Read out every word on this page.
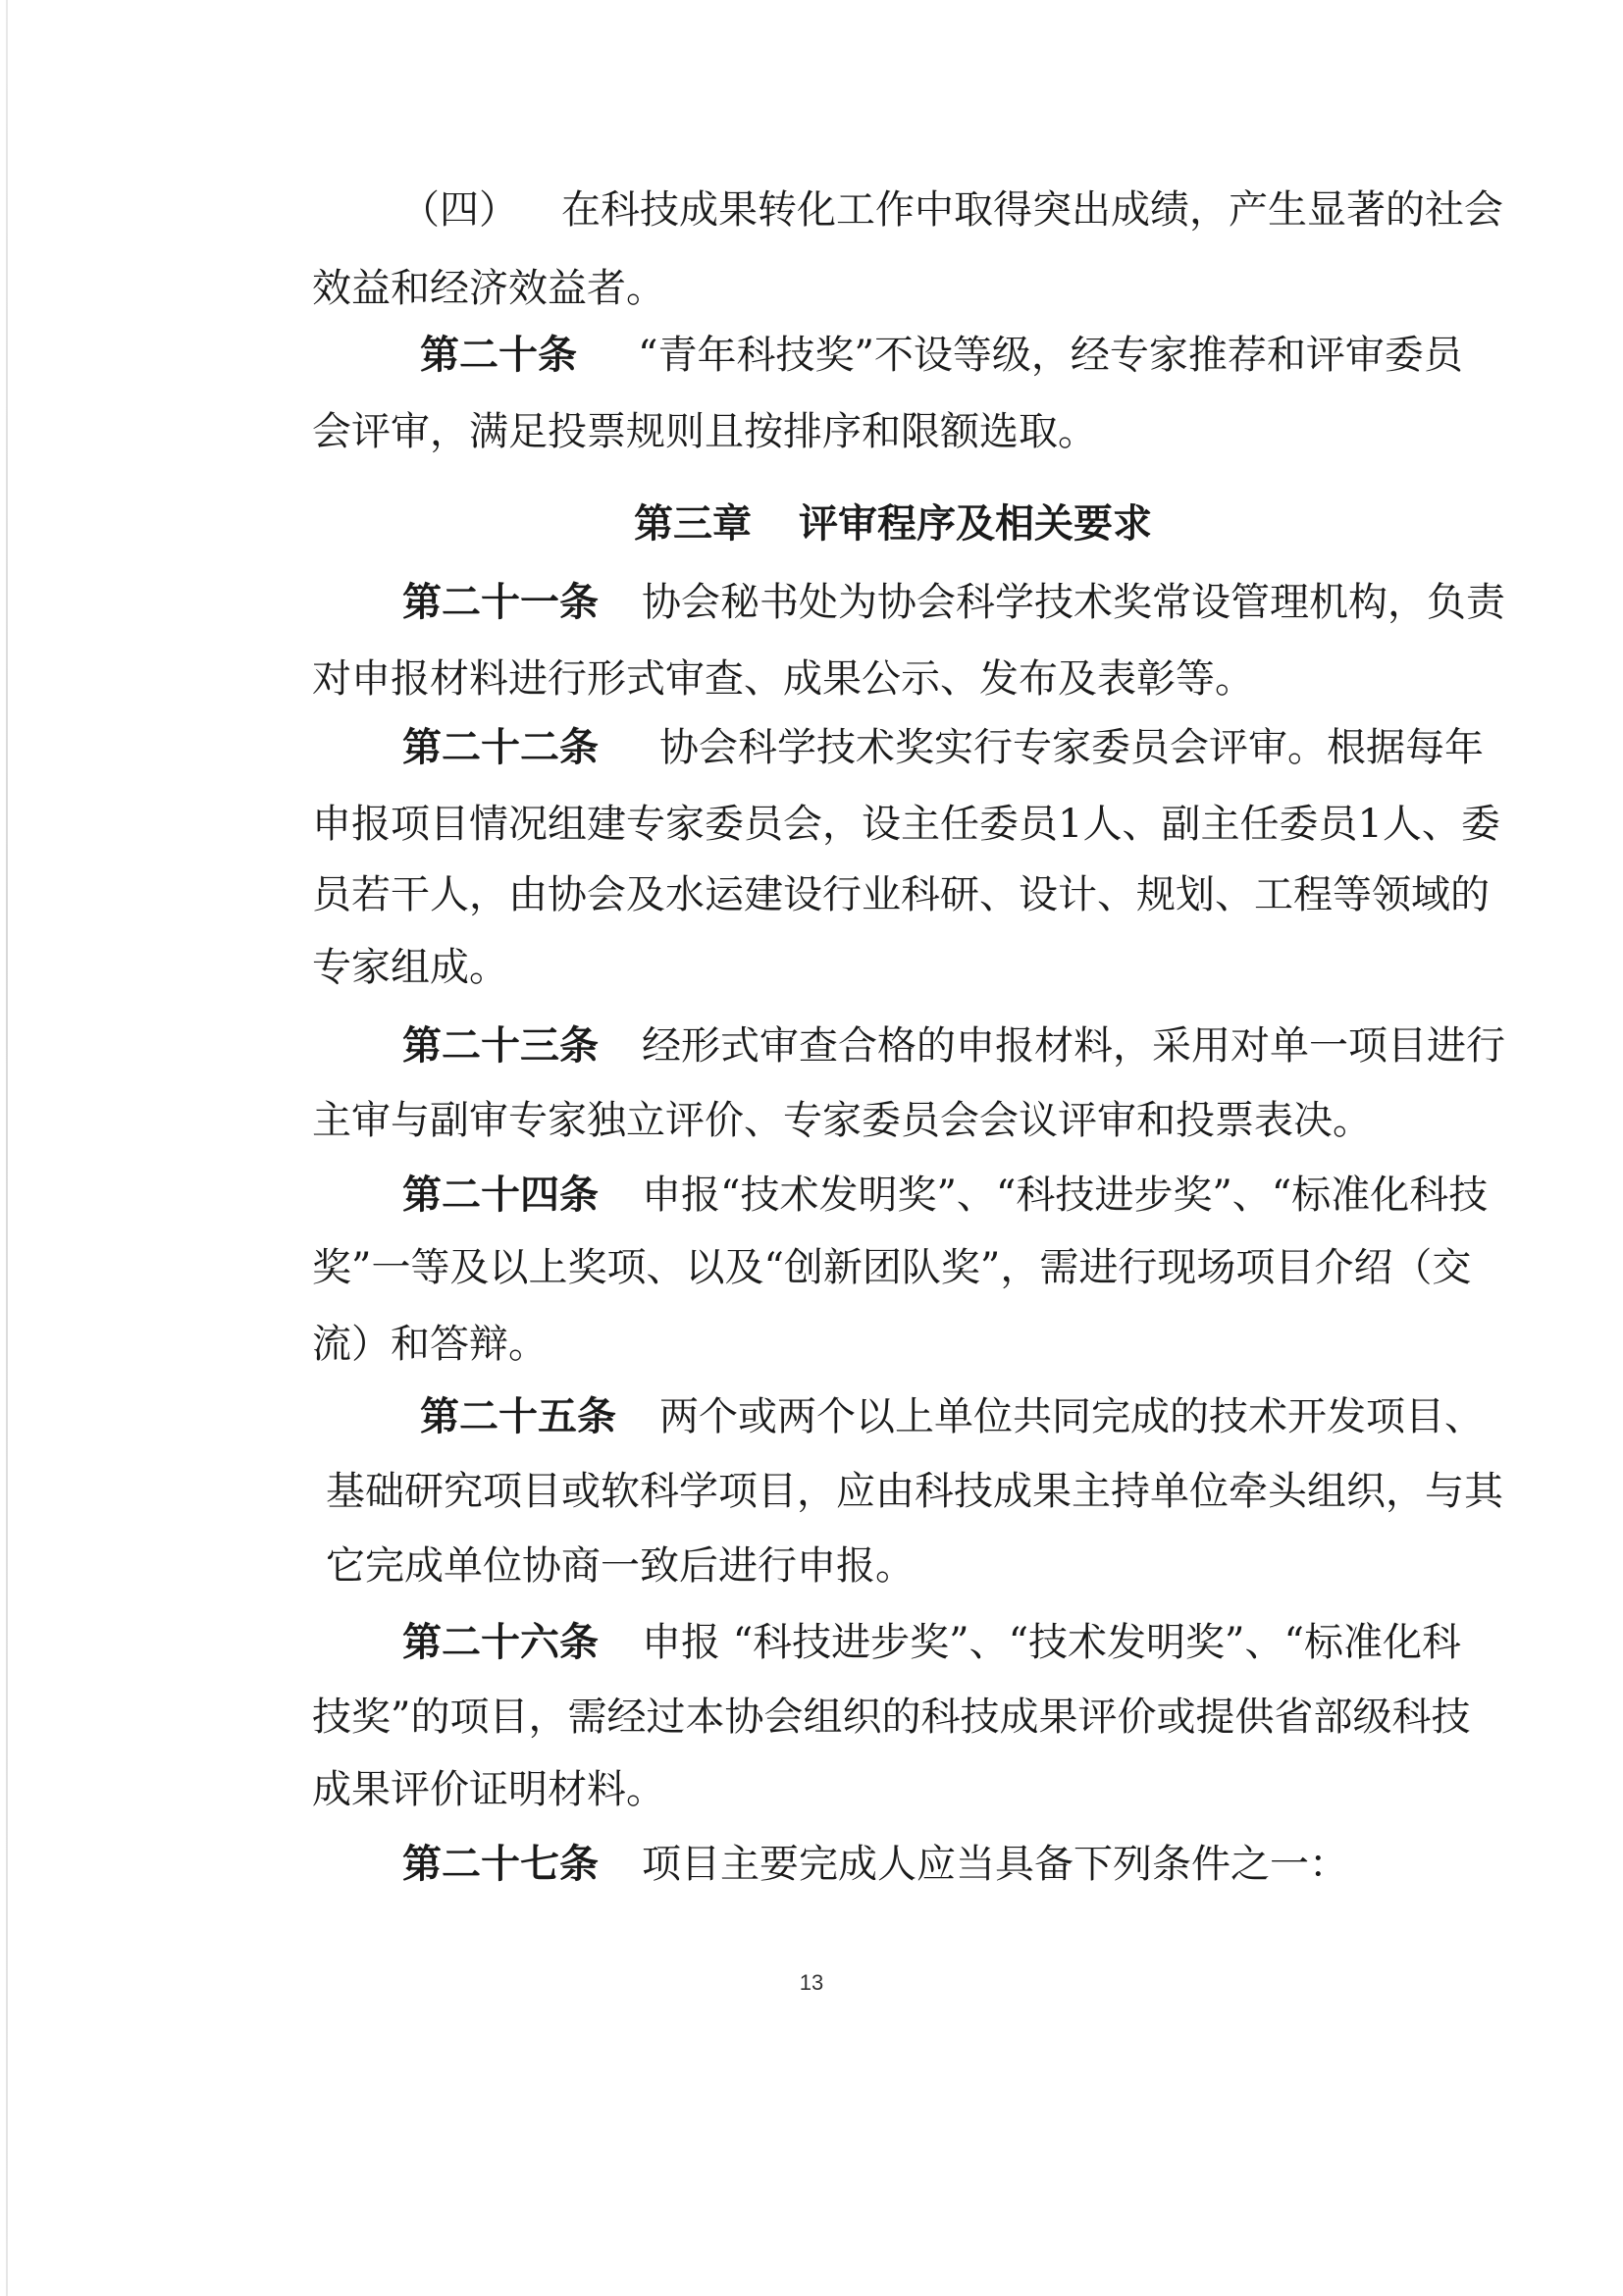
（四） 在科技成果转化工作中取得突出成绩，产生显著的社会
效益和经济效益者。
第二十条 “青年科技奖”不设等级，经专家推荐和评审委员
会评审，满足投票规则且按排序和限额选取。
第三章 评审程序及相关要求
第二十一条 协会秘书处为协会科学技术奖常设管理机构，负责
对申报材料进行形式审查、成果公示、发布及表彰等。
第二十二条 协会科学技术奖实行专家委员会评审。根据每年
申报项目情况组建专家委员会，设主任委员1人、副主任委员1人、委
员若干人，由协会及水运建设行业科研、设计、规划、工程等领域的
专家组成。
第二十三条 经形式审查合格的申报材料，采用对单一项目进行
主审与副审专家独立评价、专家委员会会议评审和投票表决。
第二十四条 申报“技术发明奖”、“科技进步奖”、“标准化科技
奖”一等及以上奖项、以及“创新团队奖”，需进行现场项目介绍（交
流）和答辩。
第二十五条 两个或两个以上单位共同完成的技术开发项目、
基础研究项目或软科学项目，应由科技成果主持单位牵头组织，与其
它完成单位协商一致后进行申报。
第二十六条 申报 “科技进步奖”、“技术发明奖”、“标准化科
技奖”的项目，需经过本协会组织的科技成果评价或提供省部级科技
成果评价证明材料。
第二十七条 项目主要完成人应当具备下列条件之一：
13
